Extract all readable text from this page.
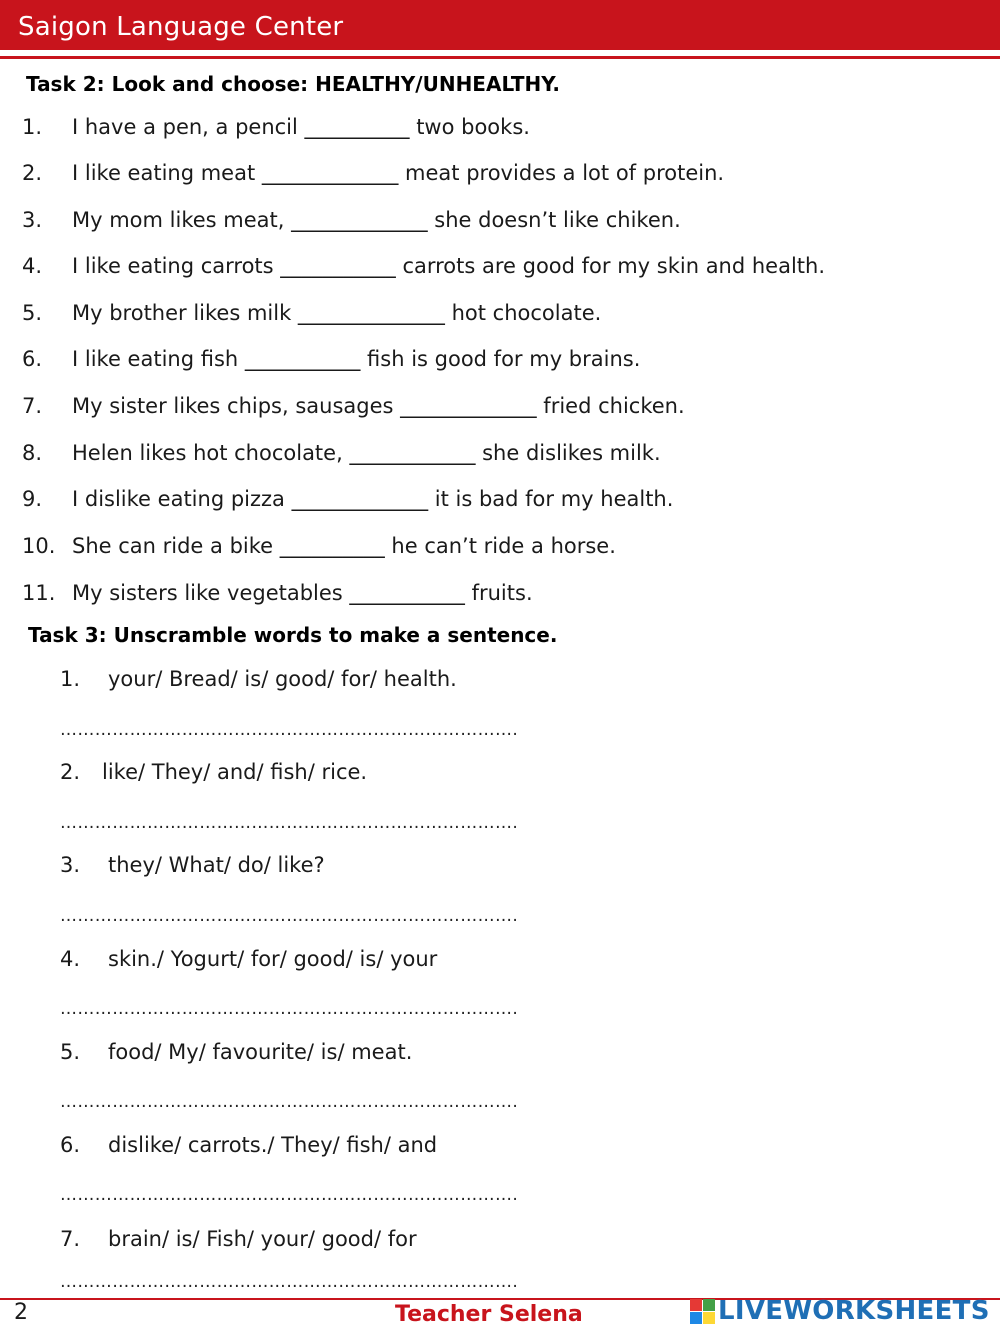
Saigon Language Center
Task 2: Look and choose: HEALTHY/UNHEALTHY.
1. I have a pen, a pencil __________ two books.
2. I like eating meat _____________ meat provides a lot of protein.
3. My mom likes meat, _____________ she doesn’t like chiken.
4. I like eating carrots ___________ carrots are good for my skin and health.
5. My brother likes milk ______________ hot chocolate.
6. I like eating fish ___________ fish is good for my brains.
7. My sister likes chips, sausages _____________ fried chicken.
8. Helen likes hot chocolate, ____________ she dislikes milk.
9. I dislike eating pizza _____________ it is bad for my health.
10. She can ride a bike __________ he can’t ride a horse.
11. My sisters like vegetables ___________ fruits.
Task 3: Unscramble words to make a sentence.
1. your/ Bread/ is/ good/ for/ health.
…………………………………………………………………….
2. like/ They/ and/ fish/ rice.
…………………………………………………………………….
3. they/ What/ do/ like?
…………………………………………………………………….
4. skin./ Yogurt/ for/ good/ is/ your
…………………………………………………………………….
5. food/ My/ favourite/ is/ meat.
…………………………………………………………………….
6. dislike/ carrots./ They/ fish/ and
…………………………………………………………………….
7. brain/ is/ Fish/ your/ good/ for
…………………………………………………………………….
2	Teacher Selena	LIVEWORKSHEETS
